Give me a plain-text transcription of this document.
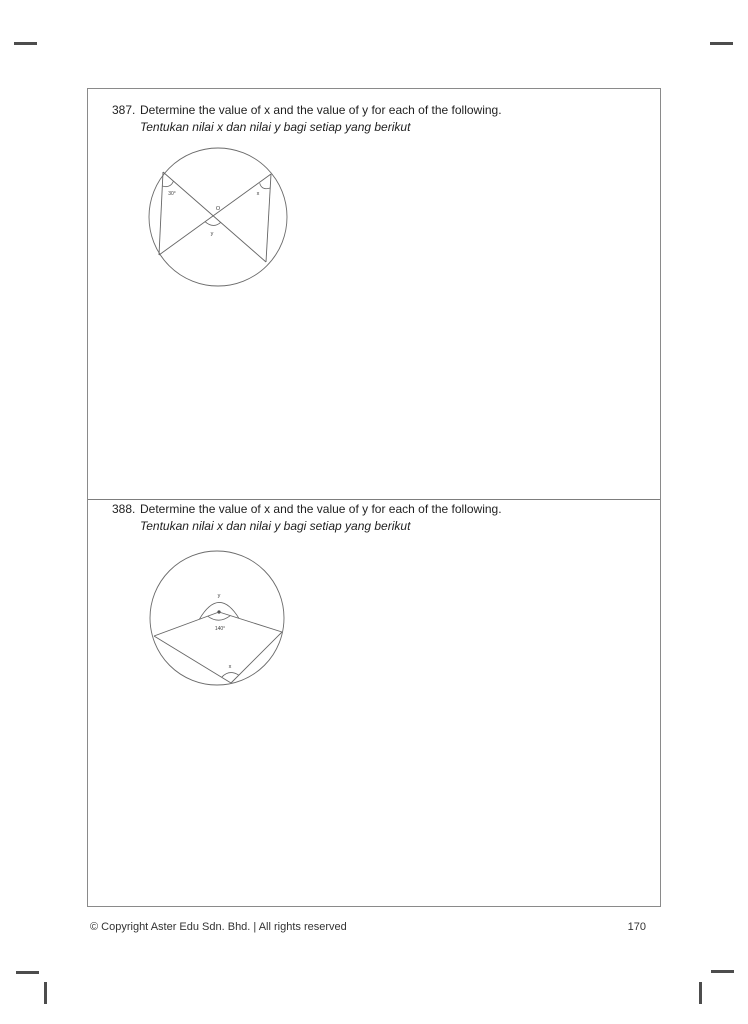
387. Determine the value of x and the value of y for each of the following.
Tentukan nilai x dan nilai y bagi setiap yang berikut
30°	x
O
y
388. Determine the value of x and the value of y for each of the following.
Tentukan nilai x dan nilai y bagi setiap yang berikut
y
140°
x
© Copyright Aster Edu Sdn. Bhd. | All rights reserved	170
